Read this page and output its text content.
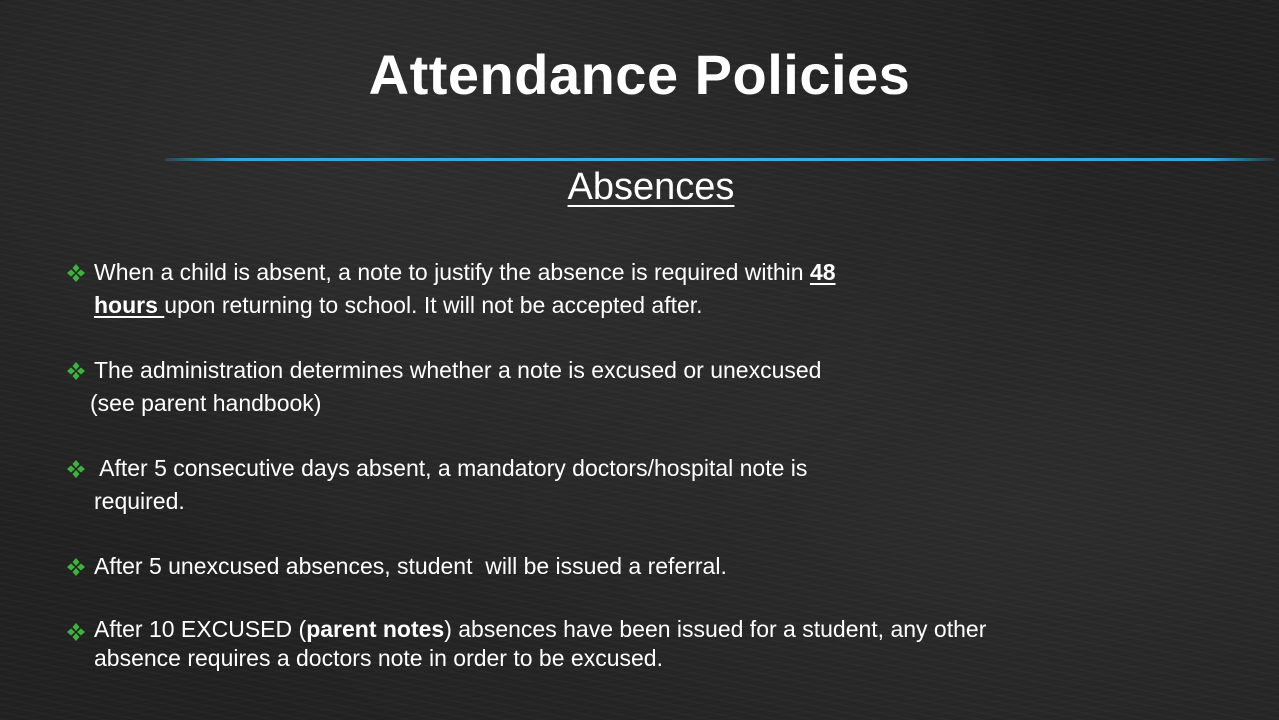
Attendance Policies
Absences
When a child is absent, a note to justify the absence is required within 48
hours upon returning to school. It will not be accepted after.
The administration determines whether a note is excused or unexcused
(see parent handbook)
After 5 consecutive days absent, a mandatory doctors/hospital note is
required.
After 5 unexcused absences, student  will be issued a referral.
After 10 EXCUSED (parent notes) absences have been issued for a student, any other
absence requires a doctors note in order to be excused.
